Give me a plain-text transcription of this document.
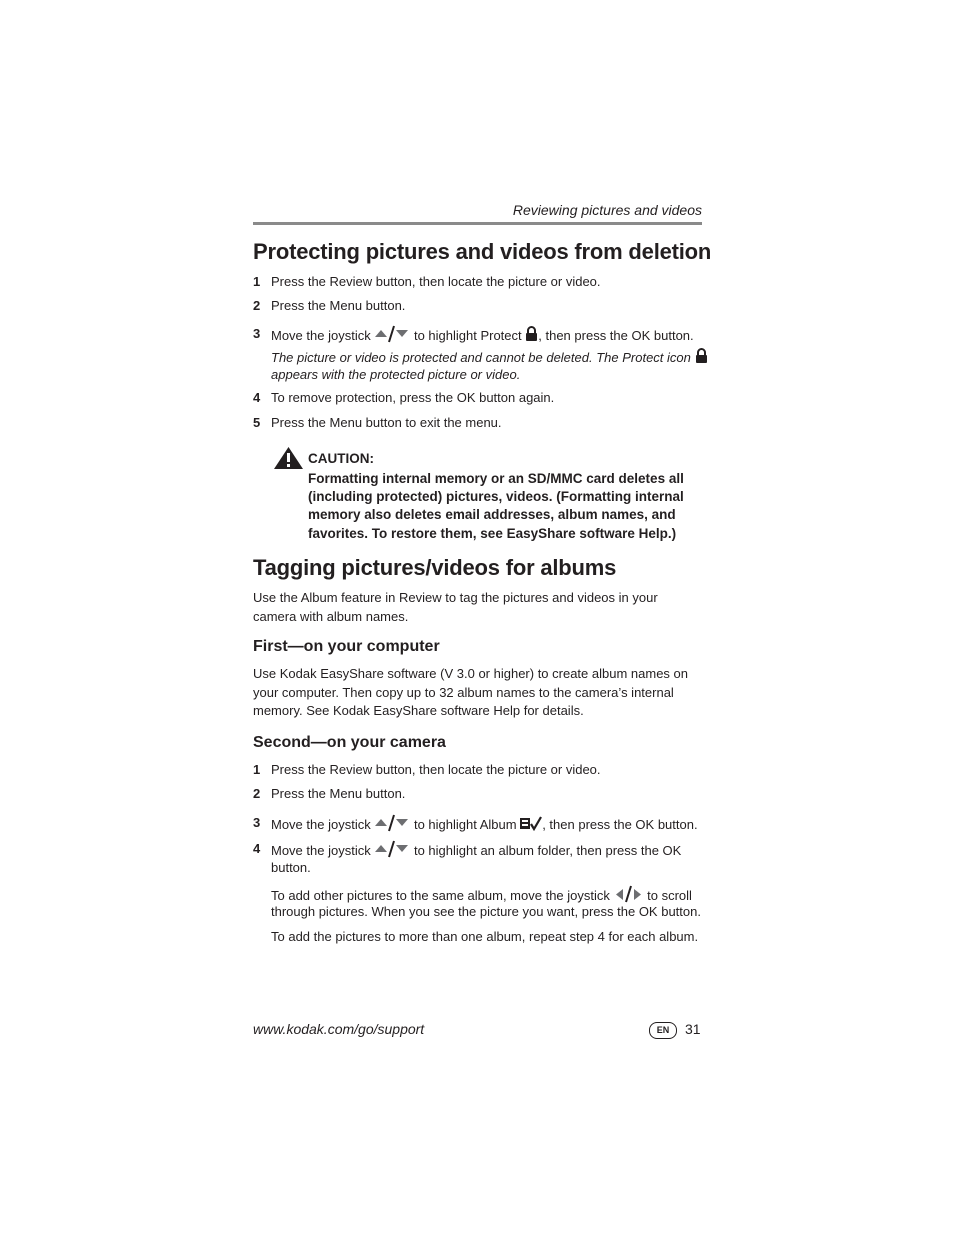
Reviewing pictures and videos
Protecting pictures and videos from deletion
1 Press the Review button, then locate the picture or video.
2 Press the Menu button.
3 Move the joystick	to highlight Protect , then press the OK button.
The picture or video is protected and cannot be deleted. The Protect icon
appears with the protected picture or video.
4 To remove protection, press the OK button again.
5 Press the Menu button to exit the menu.
CAUTION:
Formatting internal memory or an SD/MMC card deletes all
(including protected) pictures, videos. (Formatting internal
memory also deletes email addresses, album names, and
favorites. To restore them, see EasyShare software Help.)
Tagging pictures/videos for albums
Use the Album feature in Review to tag the pictures and videos in your camera with album names.
First—on your computer
Use Kodak EasyShare software (V 3.0 or higher) to create album names on your computer. Then copy up to 32 album names to the camera’s internal memory. See Kodak EasyShare software Help for details.
Second—on your camera
1 Press the Review button, then locate the picture or video.
2 Press the Menu button.
3 Move the joystick	to highlight Album , then press the OK button.
4 Move the joystick	to highlight an album folder, then press the OK
button.
To add other pictures to the same album, move the joystick	to scroll
through pictures. When you see the picture you want, press the OK button.
To add the pictures to more than one album, repeat step 4 for each album.
www.kodak.com/go/support	EN	31
